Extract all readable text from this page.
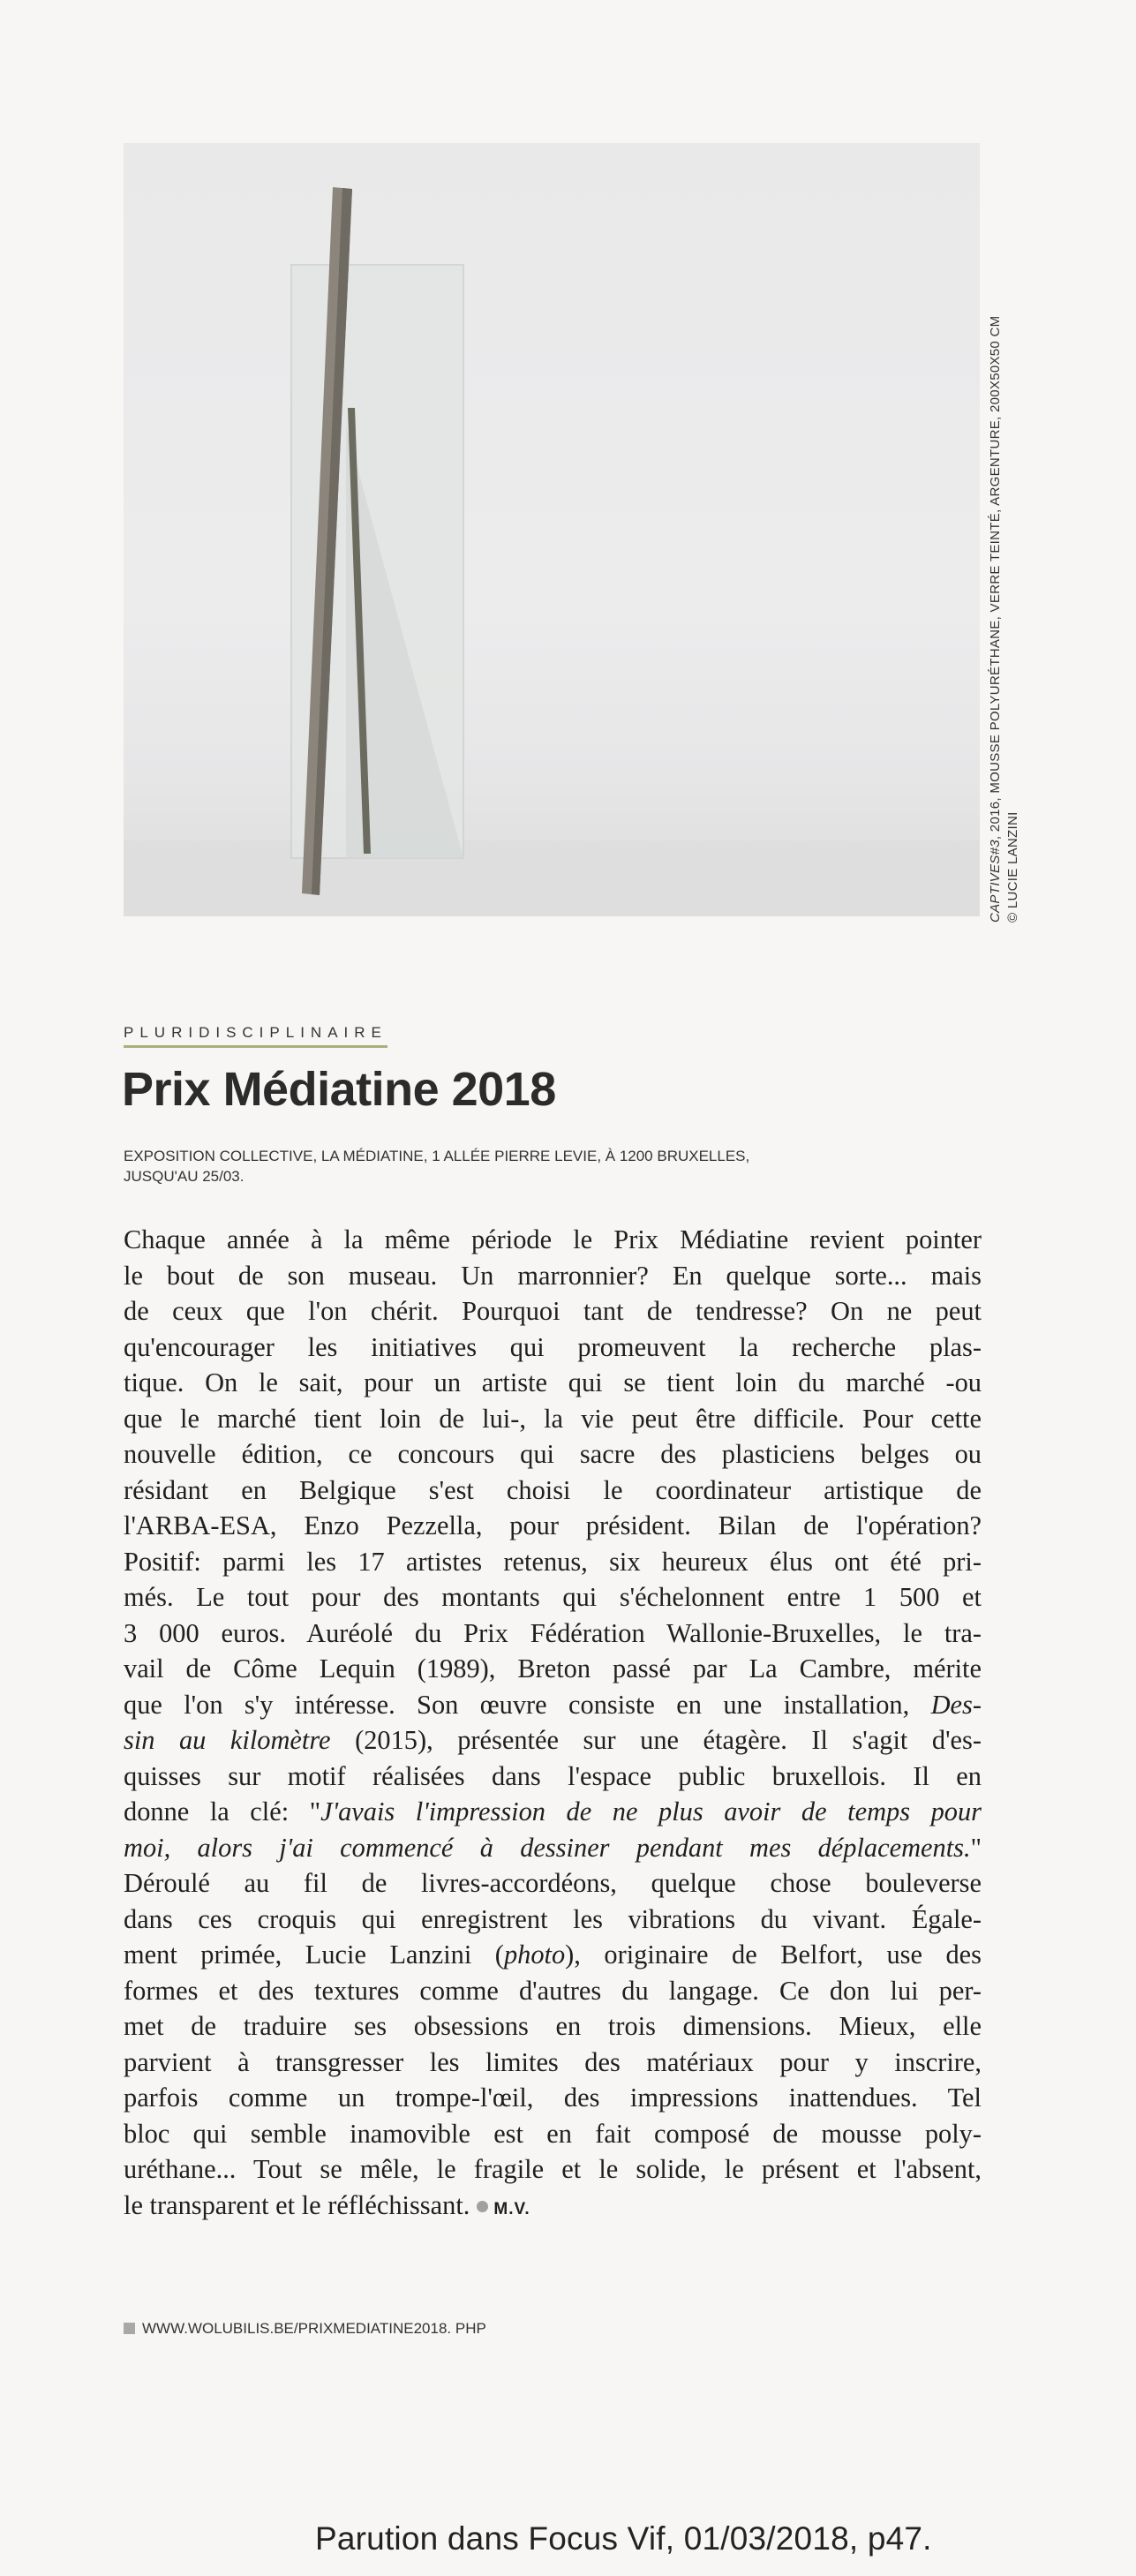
CAPTIVES#3, 2016, MOUSSE POLYURÉTHANE, VERRE TEINTÉ, ARGENTURE, 200X50X50 CM
© LUCIE LANZINI
PLURIDISCIPLINAIRE
Prix Médiatine 2018
EXPOSITION COLLECTIVE, LA MÉDIATINE, 1 ALLÉE PIERRE LEVIE, À 1200 BRUXELLES,
JUSQU'AU 25/03.
Chaque année à la même période le Prix Médiatine revient pointer
le bout de son museau. Un marronnier? En quelque sorte... mais
de ceux que l'on chérit. Pourquoi tant de tendresse? On ne peut
qu'encourager les initiatives qui promeuvent la recherche plas-
tique. On le sait, pour un artiste qui se tient loin du marché -ou
que le marché tient loin de lui-, la vie peut être difficile. Pour cette
nouvelle édition, ce concours qui sacre des plasticiens belges ou
résidant en Belgique s'est choisi le coordinateur artistique de
l'ARBA-ESA, Enzo Pezzella, pour président. Bilan de l'opération?
Positif: parmi les 17 artistes retenus, six heureux élus ont été pri-
més. Le tout pour des montants qui s'échelonnent entre 1 500 et
3 000 euros. Auréolé du Prix Fédération Wallonie-Bruxelles, le tra-
vail de Côme Lequin (1989), Breton passé par La Cambre, mérite
que l'on s'y intéresse. Son œuvre consiste en une installation, Des-
sin au kilomètre (2015), présentée sur une étagère. Il s'agit d'es-
quisses sur motif réalisées dans l'espace public bruxellois. Il en
donne la clé: "J'avais l'impression de ne plus avoir de temps pour
moi, alors j'ai commencé à dessiner pendant mes déplacements."
Déroulé au fil de livres-accordéons, quelque chose bouleverse
dans ces croquis qui enregistrent les vibrations du vivant. Égale-
ment primée, Lucie Lanzini (photo), originaire de Belfort, use des
formes et des textures comme d'autres du langage. Ce don lui per-
met de traduire ses obsessions en trois dimensions. Mieux, elle
parvient à transgresser les limites des matériaux pour y inscrire,
parfois comme un trompe-l'œil, des impressions inattendues. Tel
bloc qui semble inamovible est en fait composé de mousse poly-
uréthane... Tout se mêle, le fragile et le solide, le présent et l'absent,
le transparent et le réfléchissant. M.V.
WWW.WOLUBILIS.BE/PRIXMEDIATINE2018. PHP
Parution dans Focus Vif, 01/03/2018, p47.
